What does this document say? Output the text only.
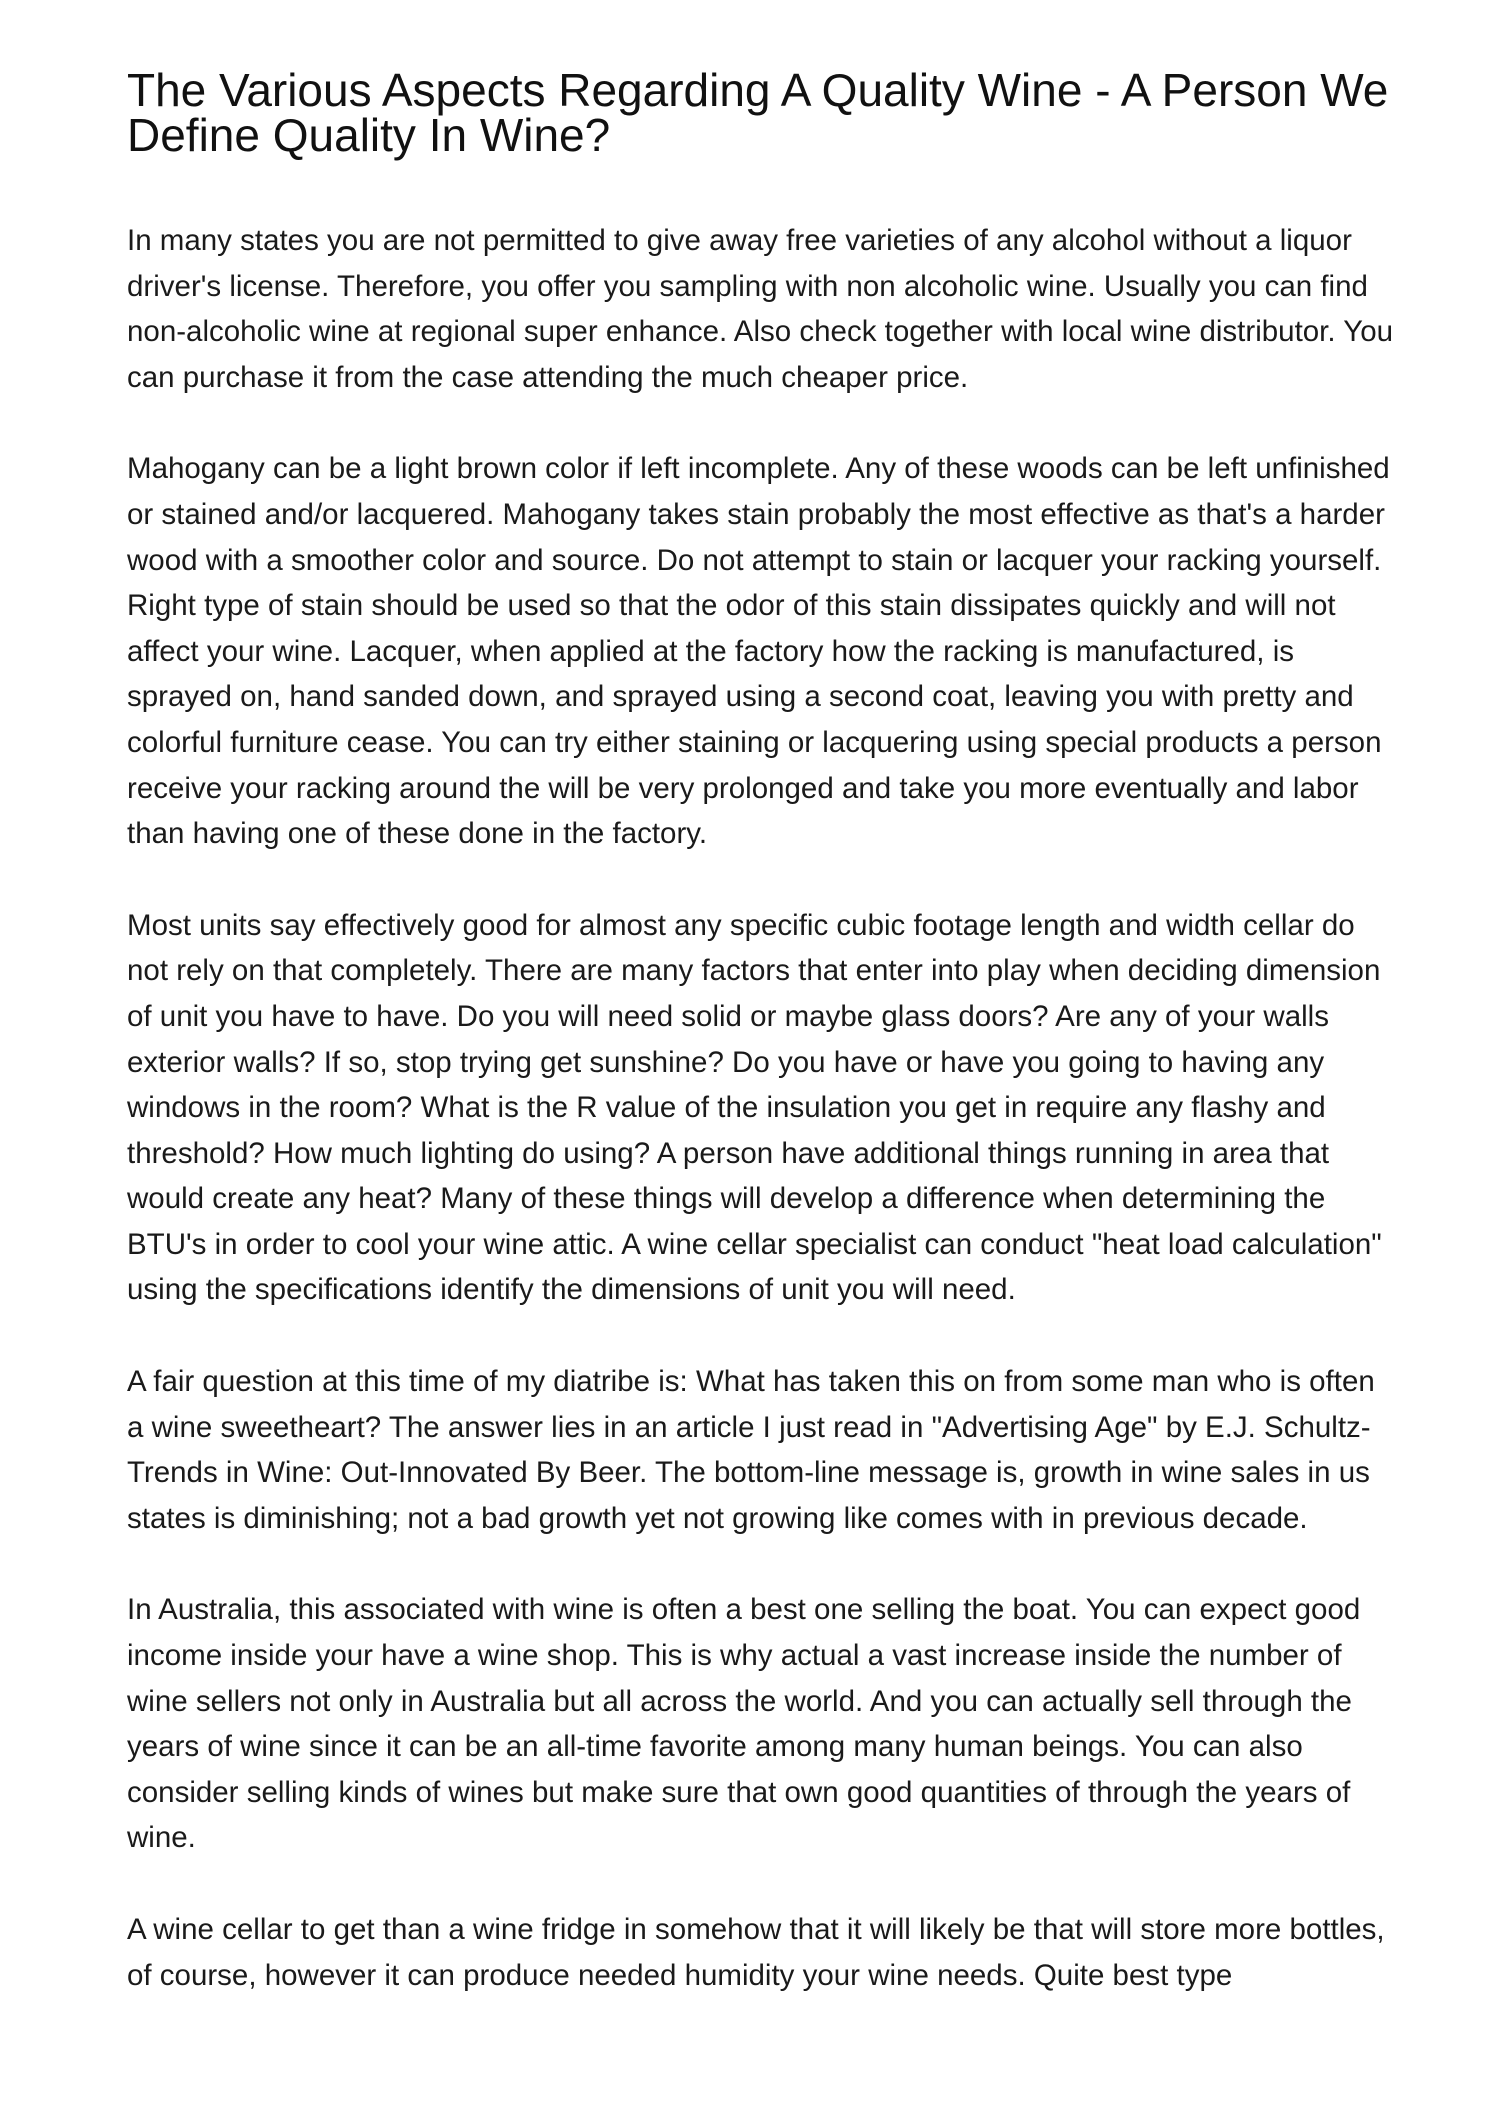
The Various Aspects Regarding A Quality Wine - A Person We Define Quality In Wine?

In many states you are not permitted to give away free varieties of any alcohol without a liquor driver's license. Therefore, you offer you sampling with non alcoholic wine. Usually you can find non-alcoholic wine at regional super enhance. Also check together with local wine distributor. You can purchase it from the case attending the much cheaper price.

Mahogany can be a light brown color if left incomplete. Any of these woods can be left unfinished or stained and/or lacquered. Mahogany takes stain probably the most effective as that's a harder wood with a smoother color and source. Do not attempt to stain or lacquer your racking yourself. Right type of stain should be used so that the odor of this stain dissipates quickly and will not affect your wine. Lacquer, when applied at the factory how the racking is manufactured, is sprayed on, hand sanded down, and sprayed using a second coat, leaving you with pretty and colorful furniture cease. You can try either staining or lacquering using special products a person receive your racking around the will be very prolonged and take you more eventually and labor than having one of these done in the factory.

Most units say effectively good for almost any specific cubic footage length and width cellar do not rely on that completely. There are many factors that enter into play when deciding dimension of unit you have to have. Do you will need solid or maybe glass doors? Are any of your walls exterior walls? If so, stop trying get sunshine? Do you have or have you going to having any windows in the room? What is the R value of the insulation you get in require any flashy and threshold? How much lighting do using? A person have additional things running in area that would create any heat? Many of these things will develop a difference when determining the BTU's in order to cool your wine attic. A wine cellar specialist can conduct "heat load calculation" using the specifications identify the dimensions of unit you will need.

A fair question at this time of my diatribe is: What has taken this on from some man who is often a wine sweetheart? The answer lies in an article I just read in "Advertising Age" by E.J. Schultz-Trends in Wine: Out-Innovated By Beer. The bottom-line message is, growth in wine sales in us states is diminishing; not a bad growth yet not growing like comes with in previous decade.

In Australia, this associated with wine is often a best one selling the boat. You can expect good income inside your have a wine shop. This is why actual a vast increase inside the number of wine sellers not only in Australia but all across the world. And you can actually sell through the years of wine since it can be an all-time favorite among many human beings. You can also consider selling kinds of wines but make sure that own good quantities of through the years of wine.

A wine cellar to get than a wine fridge in somehow that it will likely be that will store more bottles, of course, however it can produce needed humidity your wine needs. Quite best type
